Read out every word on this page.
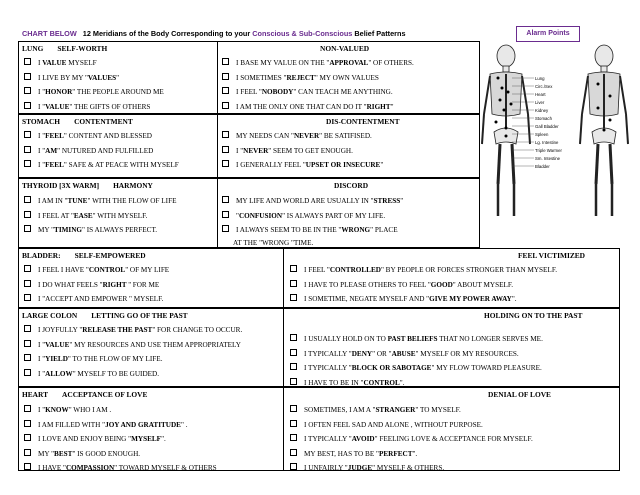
CHART BELOW 12 Meridians of the Body Corresponding to your Conscious & Sub-Conscious Belief Patterns	Alarm Points
Lung
Circ./Sex
Heart
Liver
Kidney
Stomach
Gall Bladder
Spleen
Lg. Intestine
Triple Warmer
Sm. Intestine
Bladder
LUNG SELF-WORTH	NON-VALUED
I VALUE MYSELF
I LIVE BY MY "VALUES"
I "HONOR" THE PEOPLE AROUND ME
I "VALUE" THE GIFTS OF OTHERS
I BASE MY VALUE ON THE "APPROVAL" OF OTHERS.
I SOMETIMES "REJECT" MY OWN VALUES
I FEEL "NOBODY" CAN TEACH ME ANYTHING.
I AM THE ONLY ONE THAT CAN DO IT "RIGHT"
STOMACH CONTENTMENT	DIS-CONTENTMENT
I "FEEL" CONTENT AND BLESSED
I "AM" NUTURED AND FULFILLED
I "FEEL" SAFE & AT PEACE WITH MYSELF
MY NEEDS CAN "NEVER" BE SATIFISED.
I "NEVER" SEEM TO GET ENOUGH.
I GENERALLY FEEL "UPSET OR INSECURE"
THYROID [3X WARM] HARMONY	DISCORD
I AM IN "TUNE" WITH THE FLOW OF LIFE
I FEEL AT "EASE" WITH MYSELF.
MY "TIMING" IS ALWAYS PERFECT.
MY LIFE AND WORLD ARE USUALLY IN "STRESS"
"CONFUSION" IS ALWAYS PART OF MY LIFE.
I ALWAYS SEEM TO BE IN THE "WRONG" PLACE
AT THE "WRONG "TIME.
BLADDER: SELF-EMPOWERED	FEEL VICTIMIZED
I FEEL I HAVE "CONTROL" OF MY LIFE
I DO WHAT FEELS "RIGHT '' FOR ME
I "ACCEPT AND EMPOWER " MYSELF.
I FEEL "CONTROLLED" BY PEOPLE OR FORCES STRONGER THAN MYSELF.
I HAVE TO PLEASE OTHERS TO FEEL "GOOD" ABOUT MYSELF.
I SOMETIME, NEGATE MYSELF AND "GIVE MY POWER AWAY".
LARGE COLON LETTING GO OF THE PAST	HOLDING ON TO THE PAST
I JOYFULLY "RELEASE THE PAST" FOR CHANGE TO OCCUR.
I "VALUE" MY RESOURCES AND USE THEM APPROPRIATELY
I "YIELD" TO THE FLOW OF MY LIFE.
I "ALLOW" MYSELF TO BE GUIDED.
I USUALLY HOLD ON TO PAST BELIEFS THAT NO LONGER SERVES ME.
I TYPICALLY "DENY" OR "ABUSE" MYSELF OR MY RESOURCES.
I TYPICALLY "BLOCK OR SABOTAGE" MY FLOW TOWARD PLEASURE.
I HAVE TO BE IN "CONTROL".
HEART ACCEPTANCE OF LOVE	DENIAL OF LOVE
I "KNOW" WHO I AM .
I AM FILLED WITH "JOY AND GRATITUDE" .
I LOVE AND ENJOY BEING "MYSELF".
MY "BEST" IS GOOD ENOUGH.
I HAVE "COMPASSION" TOWARD MYSELF & OTHERS
SOMETIMES, I AM A "STRANGER" TO MYSELF.
I OFTEN FEEL SAD AND ALONE , WITHOUT PURPOSE.
I TYPICALLY "AVOID" FEELING LOVE & ACCEPTANCE FOR MYSELF.
MY BEST, HAS TO BE "PERFECT".
I UNFAIRLY "JUDGE" MYSELF & OTHERS.
